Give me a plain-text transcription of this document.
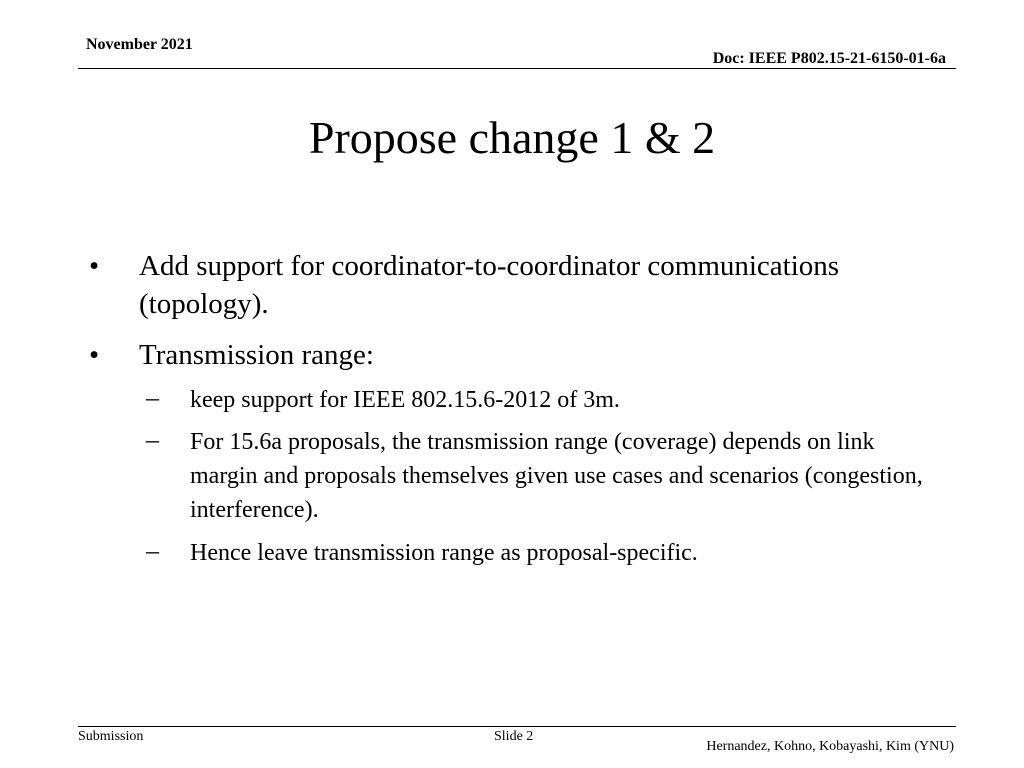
November 2021
Doc: IEEE P802.15-21-6150-01-6a
Propose change 1 & 2
• Add support for coordinator-to-coordinator communications (topology).
• Transmission range:
– keep support for IEEE 802.15.6-2012 of 3m.
– For 15.6a proposals, the transmission range (coverage) depends on link margin and proposals themselves given use cases and scenarios (congestion, interference).
– Hence leave transmission range as proposal-specific.
Submission	Slide 2
Hernandez, Kohno, Kobayashi, Kim (YNU)
